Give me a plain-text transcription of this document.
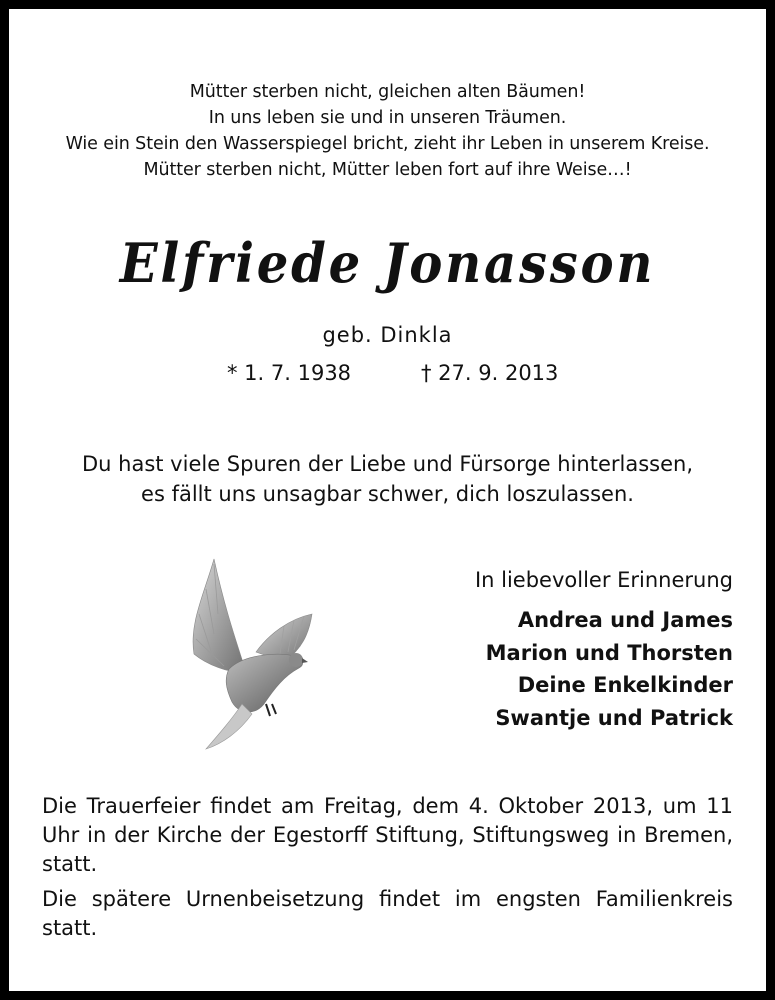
Mütter sterben nicht, gleichen alten Bäumen!
In uns leben sie und in unseren Träumen.
Wie ein Stein den Wasserspiegel bricht, zieht ihr Leben in unserem Kreise.
Mütter sterben nicht, Mütter leben fort auf ihre Weise…!
Elfriede Jonasson
geb. Dinkla
* 1. 7. 1938	† 27. 9. 2013
Du hast viele Spuren der Liebe und Fürsorge hinterlassen,
es fällt uns unsagbar schwer, dich loszulassen.
In liebevoller Erinnerung
Andrea und James
Marion und Thorsten
Deine Enkelkinder
Swantje und Patrick

Die Trauerfeier findet am Freitag, dem 4. Oktober 2013, um 11 Uhr in der Kirche der Egestorff Stiftung, Stiftungsweg in Bremen, statt.

Die spätere Urnenbeisetzung findet im engsten Familienkreis statt.
